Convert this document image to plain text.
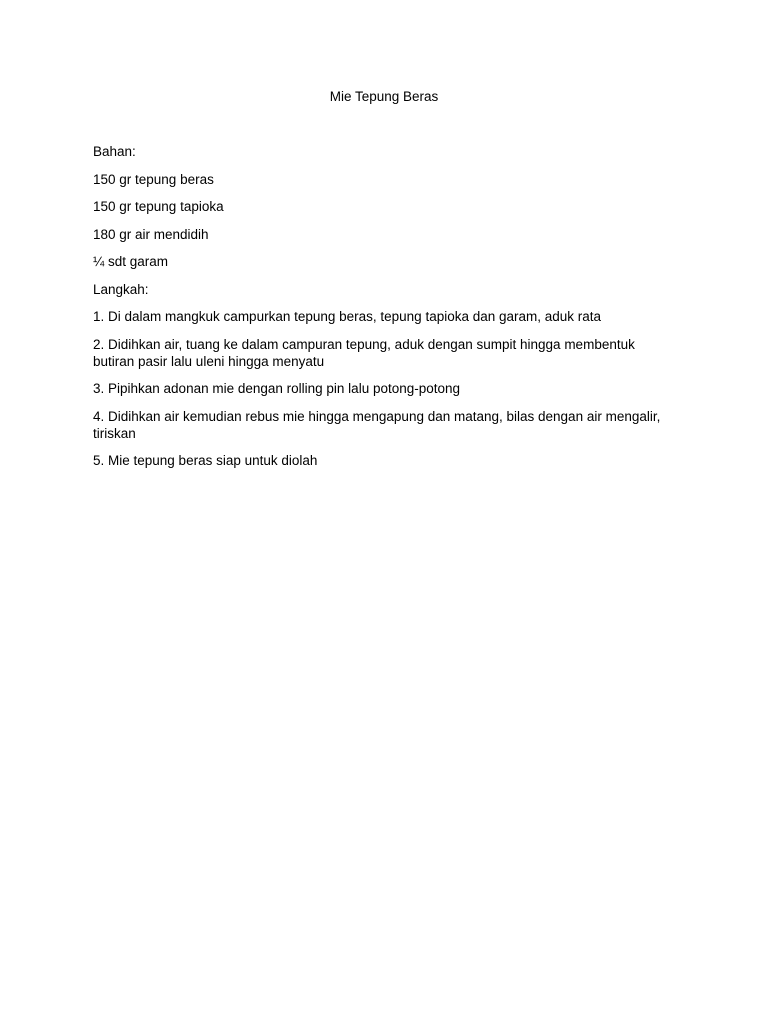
Mie Tepung Beras

Bahan:

150 gr tepung beras
150 gr tepung tapioka
180 gr air mendidih
¼ sdt garam

Langkah:

1. Di dalam mangkuk campurkan tepung beras, tepung tapioka dan garam, aduk rata
2. Didihkan air, tuang ke dalam campuran tepung, aduk dengan sumpit hingga membentuk butiran pasir lalu uleni hingga menyatu
3. Pipihkan adonan mie dengan rolling pin lalu potong-potong
4. Didihkan air kemudian rebus mie hingga mengapung dan matang, bilas dengan air mengalir, tiriskan
5. Mie tepung beras siap untuk diolah
